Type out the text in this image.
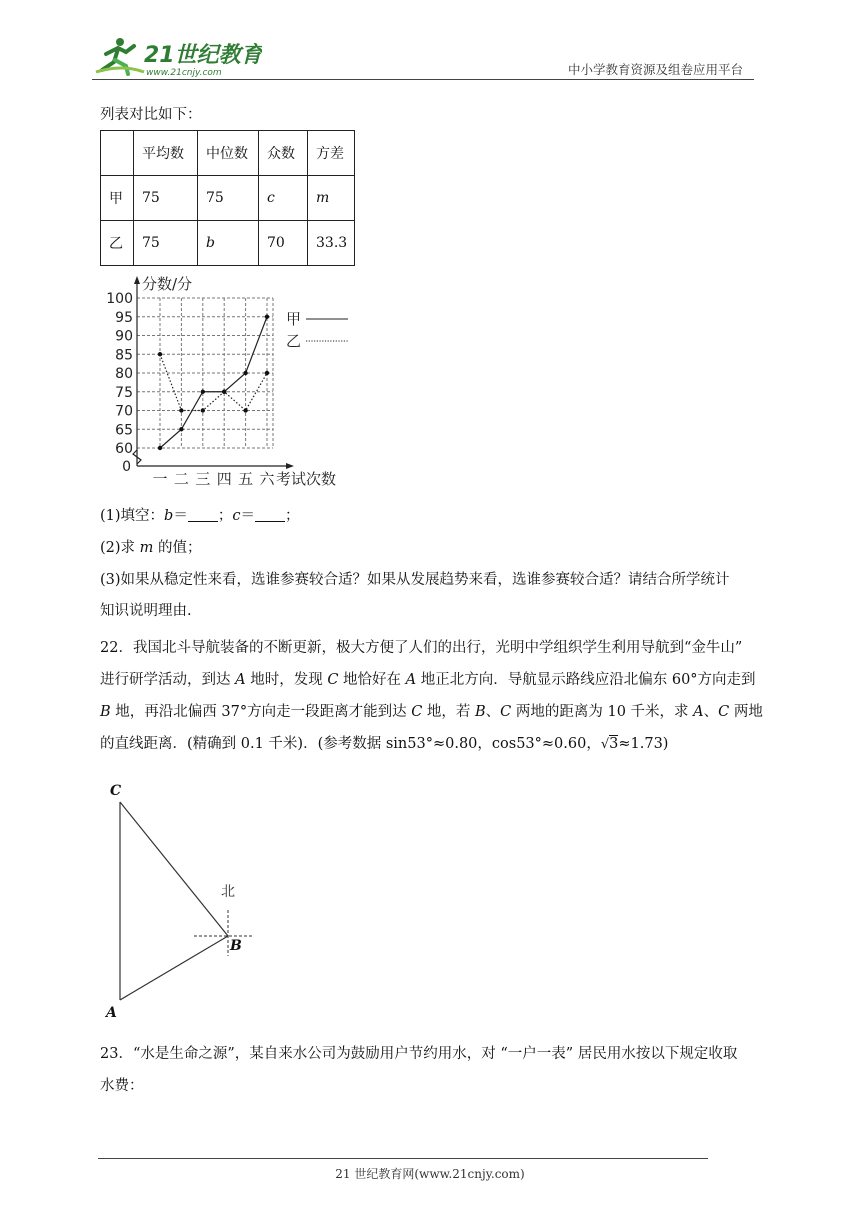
21世纪教育
www.21cnjy.com	中小学教育资源及组卷应用平台
列表对比如下：
	平均数	中位数	众数	方差
甲	75	75	c	m
乙	75	b	70	33.3
100
95
90
85
80
75
70
65
60
0
一 二 三 四 五 六 考试次数
分数/分
甲
乙
(1)填空：b＝ ；c＝ ；
(2)求 m 的值；
(3)如果从稳定性来看，选谁参赛较合适？如果从发展趋势来看，选谁参赛较合适？请结合所学统计
知识说明理由.
22．我国北斗导航装备的不断更新，极大方便了人们的出行，光明中学组织学生利用导航到“金牛山”
进行研学活动，到达 A 地时，发现 C 地恰好在 A 地正北方向．导航显示路线应沿北偏东 60°方向走到
B 地，再沿北偏西 37°方向走一段距离才能到达 C 地，若 B、C 两地的距离为 10 千米，求 A、C 两地
的直线距离．(精确到 0.1 千米)．(参考数据 sin53°≈0.80，cos53°≈0.60，√3≈1.73)
C
A
B
北
23．“水是生命之源”，某自来水公司为鼓励用户节约用水，对 “一户一表” 居民用水按以下规定收取
水费：
21 世纪教育网(www.21cnjy.com)
